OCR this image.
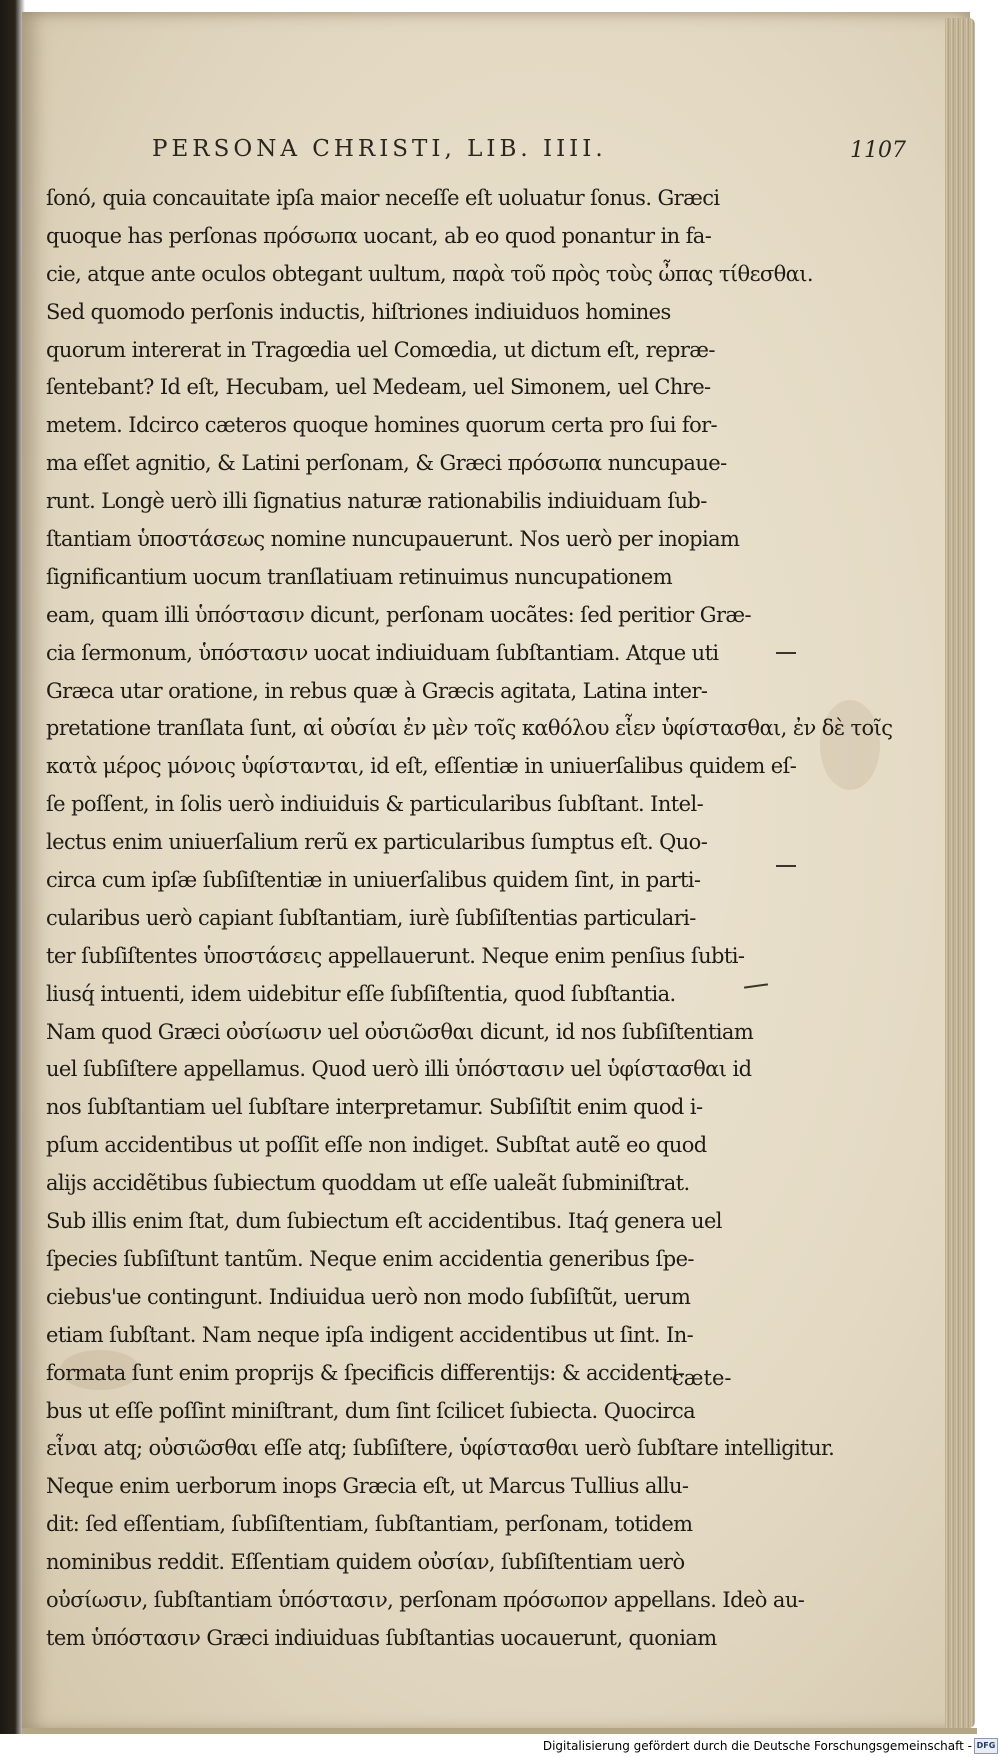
PERSONA CHRISTI, LIB. IIII.	1107
ſonó, quia concauitate ipſa maior neceſſe eſt uoluatur ſonus. Græci
quoque has perſonas πρόσωπα uocant, ab eo quod ponantur in fa-
cie, atque ante oculos obtegant uultum, παρὰ τοῦ πρὸς τοὺς ὦπας τίθεσθαι.
Sed quomodo perſonis inductis, hiſtriones indiuiduos homines
quorum intererat in Tragœdia uel Comœdia, ut dictum eſt, repræ-
ſentebant? Id eſt, Hecubam, uel Medeam, uel Simonem, uel Chre-
metem. Idcirco cæteros quoque homines quorum certa pro ſui for-
ma eſſet agnitio, & Latini perſonam, & Græci πρόσωπα nuncupaue-
runt. Longè uerò illi ſignatius naturæ rationabilis indiuiduam ſub-
ſtantiam ὑποστάσεως nomine nuncupauerunt. Nos uerò per inopiam
ſignificantium uocum tranſlatiuam retinuimus nuncupationem
eam, quam illi ὑπόστασιν dicunt, perſonam uocãtes: ſed peritior Græ-
cia ſermonum, ὑπόστασιν uocat indiuiduam ſubſtantiam. Atque uti
Græca utar oratione, in rebus quæ à Græcis agitata, Latina inter-
pretatione tranſlata ſunt, αἱ οὐσίαι ἐν μὲν τοῖς καθόλου εἶεν ὑφίστασθαι, ἐν δὲ τοῖς
κατὰ μέρος μόνοις ὑφίστανται, id eſt, eſſentiæ in uniuerſalibus quidem eſ-
ſe poſſent, in ſolis uerò indiuiduis & particularibus ſubſtant. Intel-
lectus enim uniuerſalium rerũ ex particularibus ſumptus eſt. Quo-
circa cum ipſæ ſubſiſtentiæ in uniuerſalibus quidem ſint, in parti-
cularibus uerò capiant ſubſtantiam, iurè ſubſiſtentias particulari-
ter ſubſiſtentes ὑποστάσεις appellauerunt. Neque enim penſius ſubti-
liusq́ intuenti, idem uidebitur eſſe ſubſiſtentia, quod ſubſtantia.
Nam quod Græci οὐσίωσιν uel οὐσιῶσθαι dicunt, id nos ſubſiſtentiam
uel ſubſiſtere appellamus. Quod uerò illi ὑπόστασιν uel ὑφίστασθαι id
nos ſubſtantiam uel ſubſtare interpretamur. Subſiſtit enim quod i-
pſum accidentibus ut poſſit eſſe non indiget. Subſtat autẽ eo quod
alijs accidẽtibus ſubiectum quoddam ut eſſe ualeãt ſubminiſtrat.
Sub illis enim ſtat, dum ſubiectum eſt accidentibus. Itaq́ genera uel
ſpecies ſubſiſtunt tantũm. Neque enim accidentia generibus ſpe-
ciebus'ue contingunt. Indiuidua uerò non modo ſubſiſtũt, uerum
etiam ſubſtant. Nam neque ipſa indigent accidentibus ut ſint. In-
formata ſunt enim proprijs & ſpecificis differentijs: & accidenti-
bus ut eſſe poſſint miniſtrant, dum ſint ſcilicet ſubiecta. Quocirca
εἶναι atq; οὐσιῶσθαι eſſe atq; ſubſiſtere, ὑφίστασθαι uerò ſubſtare intelligitur.
Neque enim uerborum inops Græcia eſt, ut Marcus Tullius allu-
dit: ſed eſſentiam, ſubſiſtentiam, ſubſtantiam, perſonam, totidem
nominibus reddit. Eſſentiam quidem οὐσίαν, ſubſiſtentiam uerò
οὐσίωσιν, ſubſtantiam ὑπόστασιν, perſonam πρόσωπον appellans. Ideò au-
tem ὑπόστασιν Græci indiuiduas ſubſtantias uocauerunt, quoniam
cæte-
Digitalisierung gefördert durch die Deutsche Forschungsgemeinschaft - DFG
